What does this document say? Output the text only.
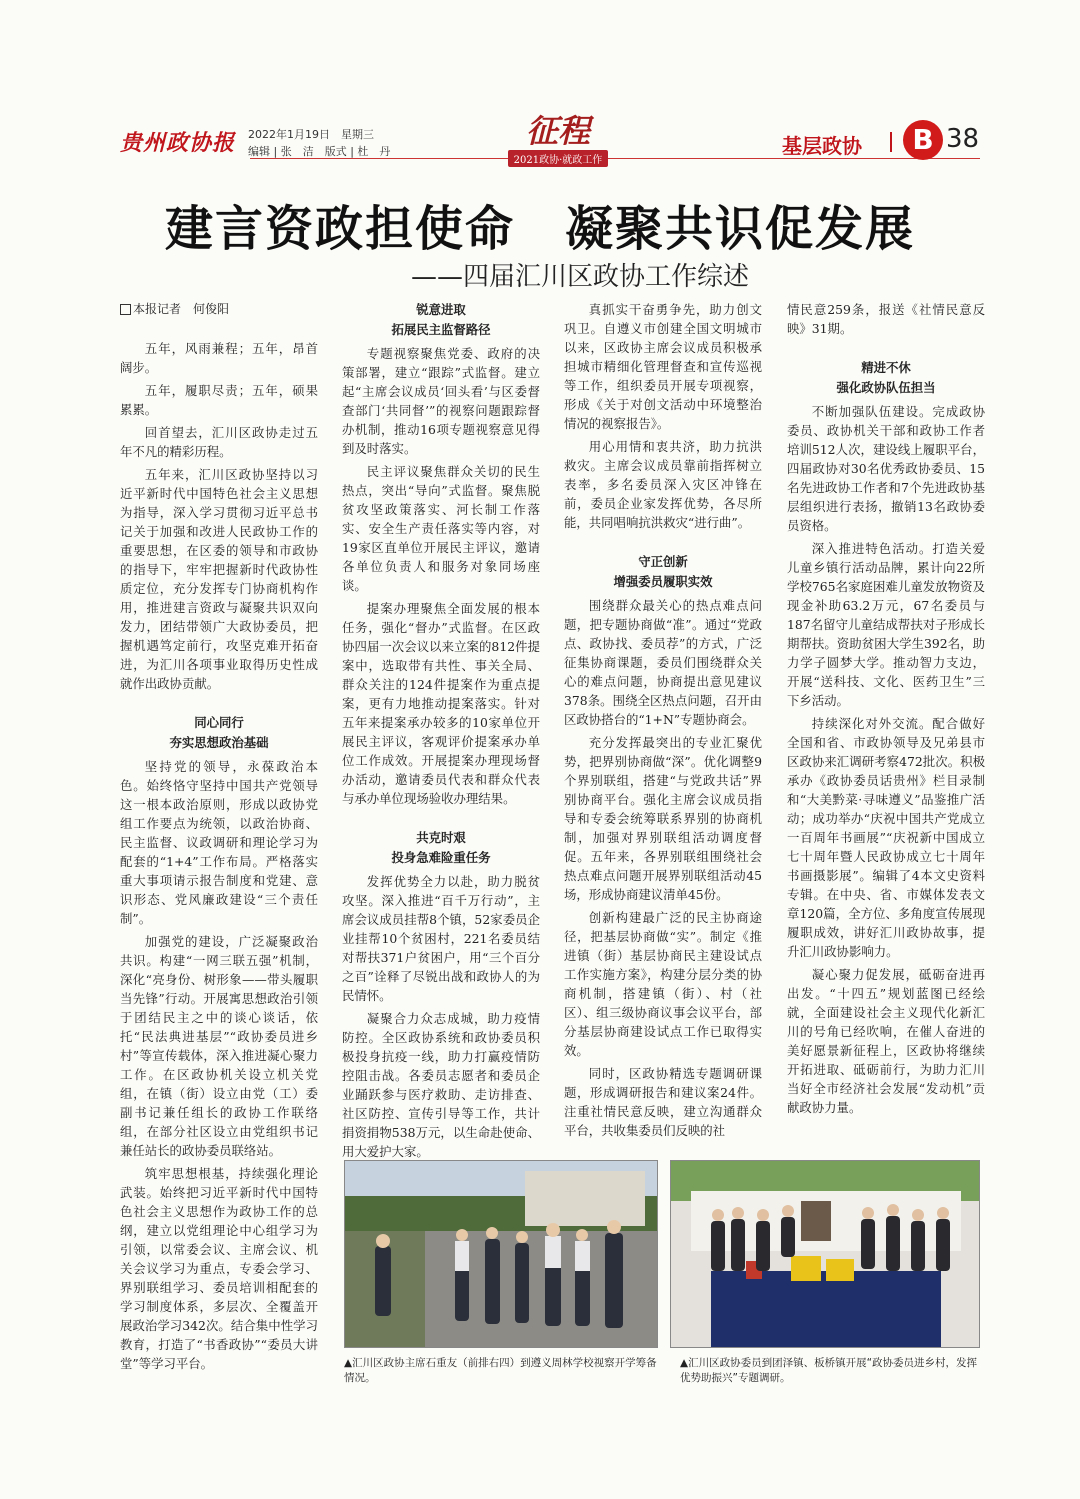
贵州政协报 2022年1月19日　星期三
编辑 | 张　洁　版式 | 杜　丹
征程
2021政协·就政工作
基层政协	B 38
建言资政担使命　凝聚共识促发展
——四届汇川区政协工作综述
本报记者　何俊阳

五年，风雨兼程；五年，昂首阔步。

五年，履职尽责；五年，硕果累累。

回首望去，汇川区政协走过五年不凡的精彩历程。

五年来，汇川区政协坚持以习近平新时代中国特色社会主义思想为指导，深入学习贯彻习近平总书记关于加强和改进人民政协工作的重要思想，在区委的领导和市政协的指导下，牢牢把握新时代政协性质定位，充分发挥专门协商机构作用，推进建言资政与凝聚共识双向发力，团结带领广大政协委员，把握机遇笃定前行，攻坚克难开拓奋进，为汇川各项事业取得历史性成就作出政协贡献。

同心同行
夯实思想政治基础

坚持党的领导，永葆政治本色。始终恪守坚持中国共产党领导这一根本政治原则，形成以政协党组工作要点为统领，以政治协商、民主监督、议政调研和理论学习为配套的“1+4”工作布局。严格落实重大事项请示报告制度和党建、意识形态、党风廉政建设“三个责任制”。

加强党的建设，广泛凝聚政治共识。构建“一网三联五强”机制，深化“亮身份、树形象——带头履职当先锋”行动。开展寓思想政治引领于团结民主之中的谈心谈话，依托“民法典进基层”“政协委员进乡村”等宣传载体，深入推进凝心聚力工作。在区政协机关设立机关党组，在镇（街）设立由党（工）委副书记兼任组长的政协工作联络组，在部分社区设立由党组织书记兼任站长的政协委员联络站。

筑牢思想根基，持续强化理论武装。始终把习近平新时代中国特色社会主义思想作为政协工作的总纲，建立以党组理论中心组学习为引领，以常委会议、主席会议、机关会议学习为重点，专委会学习、界别联组学习、委员培训相配套的学习制度体系，多层次、全覆盖开展政治学习342次。结合集中性学习教育，打造了“书香政协”“委员大讲堂”等学习平台。

锐意进取
拓展民主监督路径

专题视察聚焦党委、政府的决策部署，建立“跟踪”式监督。建立起“主席会议成员‘回头看’与区委督查部门‘共同督’”的视察问题跟踪督办机制，推动16项专题视察意见得到及时落实。

民主评议聚焦群众关切的民生热点，突出“导向”式监督。聚焦脱贫攻坚政策落实、河长制工作落实、安全生产责任落实等内容，对19家区直单位开展民主评议，邀请各单位负责人和服务对象同场座谈。

提案办理聚焦全面发展的根本任务，强化“督办”式监督。在区政协四届一次会议以来立案的812件提案中，选取带有共性、事关全局、群众关注的124件提案作为重点提案，更有力地推动提案落实。针对五年来提案承办较多的10家单位开展民主评议，客观评价提案承办单位工作成效。开展提案办理现场督办活动，邀请委员代表和群众代表与承办单位现场验收办理结果。

共克时艰
投身急难险重任务

发挥优势全力以赴，助力脱贫攻坚。深入推进“百千万行动”，主席会议成员挂帮8个镇，52家委员企业挂帮10个贫困村，221名委员结对帮扶371户贫困户，用“三个百分之百”诠释了尽锐出战和政协人的为民情怀。

凝聚合力众志成城，助力疫情防控。全区政协系统和政协委员积极投身抗疫一线，助力打赢疫情防控阻击战。各委员志愿者和委员企业踊跃参与医疗救助、走访排查、社区防控、宣传引导等工作，共计捐资捐物538万元，以生命赴使命、用大爱护大家。

真抓实干奋勇争先，助力创文巩卫。自遵义市创建全国文明城市以来，区政协主席会议成员积极承担城市精细化管理督查和宣传巡视等工作，组织委员开展专项视察，形成《关于对创文活动中环境整治情况的视察报告》。

用心用情和衷共济，助力抗洪救灾。主席会议成员靠前指挥树立表率，多名委员深入灾区冲锋在前，委员企业家发挥优势，各尽所能，共同唱响抗洪救灾“进行曲”。

守正创新
增强委员履职实效

围绕群众最关心的热点难点问题，把专题协商做“准”。通过“党政点、政协找、委员荐”的方式，广泛征集协商课题，委员们围绕群众关心的难点问题，协商提出意见建议378条。围绕全区热点问题，召开由区政协搭台的“1+N”专题协商会。

充分发挥最突出的专业汇聚优势，把界别协商做“深”。优化调整9个界别联组，搭建“与党政共话”界别协商平台。强化主席会议成员指导和专委会统筹联系界别的协商机制，加强对界别联组活动调度督促。五年来，各界别联组围绕社会热点难点问题开展界别联组活动45场，形成协商建议清单45份。

创新构建最广泛的民主协商途径，把基层协商做“实”。制定《推进镇（街）基层协商民主建设试点工作实施方案》，构建分层分类的协商机制，搭建镇（街）、村（社区）、组三级协商议事会议平台，部分基层协商建设试点工作已取得实效。

同时，区政协精选专题调研课题，形成调研报告和建议案24件。注重社情民意反映，建立沟通群众平台，共收集委员们反映的社

情民意259条，报送《社情民意反映》31期。

精进不休
强化政协队伍担当

不断加强队伍建设。完成政协委员、政协机关干部和政协工作者培训512人次，建设线上履职平台，四届政协对30名优秀政协委员、15名先进政协工作者和7个先进政协基层组织进行表扬，撤销13名政协委员资格。

深入推进特色活动。打造关爱儿童乡镇行活动品牌，累计向22所学校765名家庭困难儿童发放物资及现金补助63.2万元，67名委员与187名留守儿童结成帮扶对子形成长期帮扶。资助贫困大学生392名，助力学子圆梦大学。推动智力支边，开展“送科技、文化、医药卫生”三下乡活动。

持续深化对外交流。配合做好全国和省、市政协领导及兄弟县市区政协来汇调研考察472批次。积极承办《政协委员话贵州》栏目录制和“大美黔菜·寻味遵义”品鉴推广活动；成功举办“庆祝中国共产党成立一百周年书画展”“庆祝新中国成立七十周年暨人民政协成立七十周年书画摄影展”。编辑了4本文史资料专辑。在中央、省、市媒体发表文章120篇，全方位、多角度宣传展现履职成效，讲好汇川政协故事，提升汇川政协影响力。

凝心聚力促发展，砥砺奋进再出发。“十四五”规划蓝图已经绘就，全面建设社会主义现代化新汇川的号角已经吹响，在催人奋进的美好愿景新征程上，区政协将继续开拓进取、砥砺前行，为助力汇川当好全市经济社会发展“发动机”贡献政协力量。

▲汇川区政协主席石重友（前排右四）到遵义周林学校视察开学筹备情况。
▲汇川区政协委员到团泽镇、板桥镇开展“政协委员进乡村，发挥优势助振兴”专题调研。
